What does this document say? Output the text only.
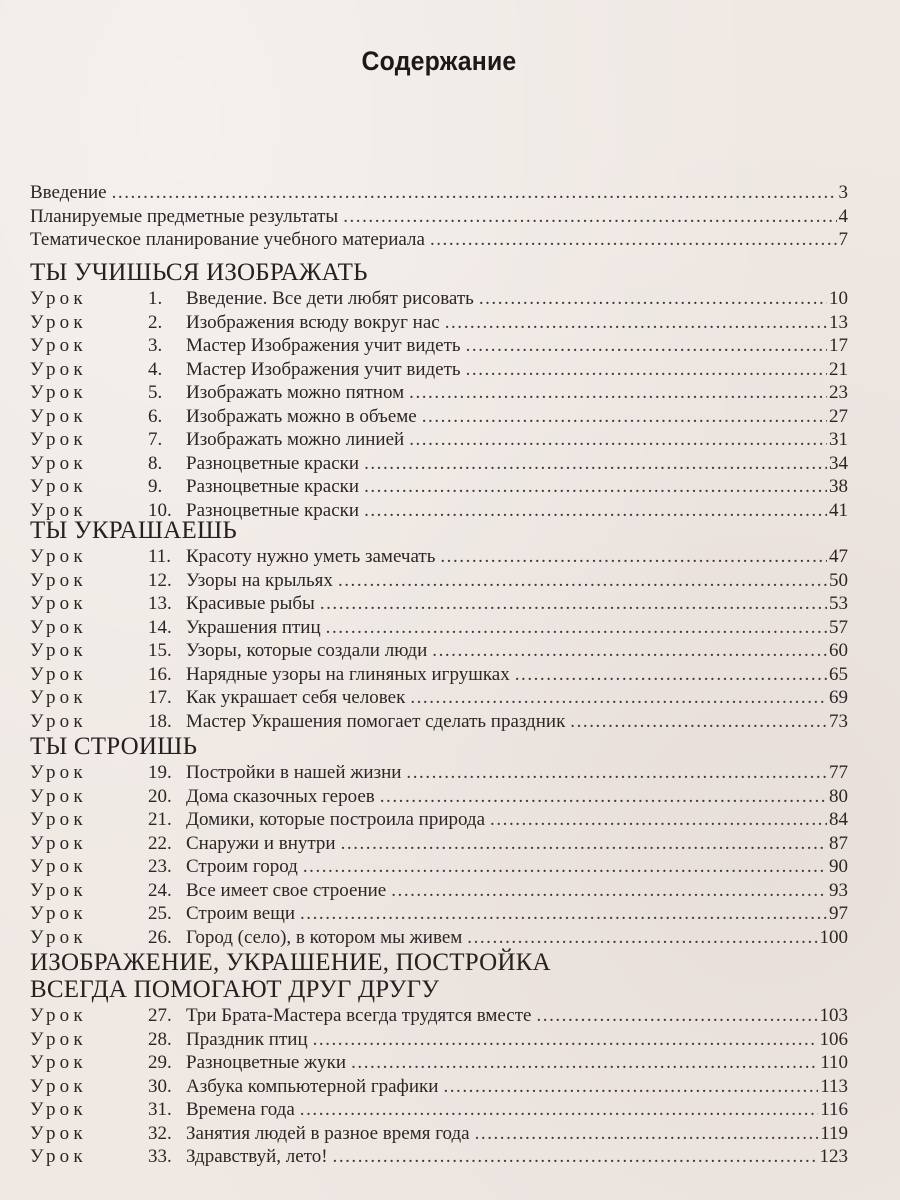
Содержание
Введение . . .	3
Планируемые предметные результаты . . .	4
Тематическое планирование учебного материала . . .	7
ТЫ УЧИШЬСЯ ИЗОБРАЖАТЬ
Урок	1.	Введение. Все дети любят рисовать . . .	10
Урок	2.	Изображения всюду вокруг нас . . .	13
Урок	3.	Мастер Изображения учит видеть . . .	17
Урок	4.	Мастер Изображения учит видеть . . .	21
Урок	5.	Изображать можно пятном . . .	23
Урок	6.	Изображать можно в объеме . . .	27
Урок	7.	Изображать можно линией . . .	31
Урок	8.	Разноцветные краски . . .	34
Урок	9.	Разноцветные краски . . .	38
Урок	10. Разноцветные краски . . .	41
ТЫ УКРАШАЕШЬ
Урок	11. Красоту нужно уметь замечать . . .	47
Урок	12. Узоры на крыльях . . .	50
Урок	13. Красивые рыбы . . .	53
Урок	14. Украшения птиц . . .	57
Урок	15. Узоры, которые создали люди . . .	60
Урок	16. Нарядные узоры на глиняных игрушках . . .	65
Урок	17. Как украшает себя человек . . .	69
Урок	18. Мастер Украшения помогает сделать праздник . . .	73
ТЫ СТРОИШЬ
Урок	19. Постройки в нашей жизни . . .	77
Урок	20. Дома сказочных героев . . .	80
Урок	21. Домики, которые построила природа . . .	84
Урок	22. Снаружи и внутри . . .	87
Урок	23. Строим город . . .	90
Урок	24. Все имеет свое строение . . .	93
Урок	25. Строим вещи . . .	97
Урок	26. Город (село), в котором мы живем . . .	100
ИЗОБРАЖЕНИЕ, УКРАШЕНИЕ, ПОСТРОЙКА
ВСЕГДА ПОМОГАЮТ ДРУГ ДРУГУ
Урок	27. Три Брата-Мастера всегда трудятся вместе . . .	103
Урок	28. Праздник птиц . . .	106
Урок	29. Разноцветные жуки . . .	110
Урок	30. Азбука компьютерной графики . . .	113
Урок	31. Времена года . . .	116
Урок	32. Занятия людей в разное время года . . .	119
Урок	33. Здравствуй, лето! . . .	123
